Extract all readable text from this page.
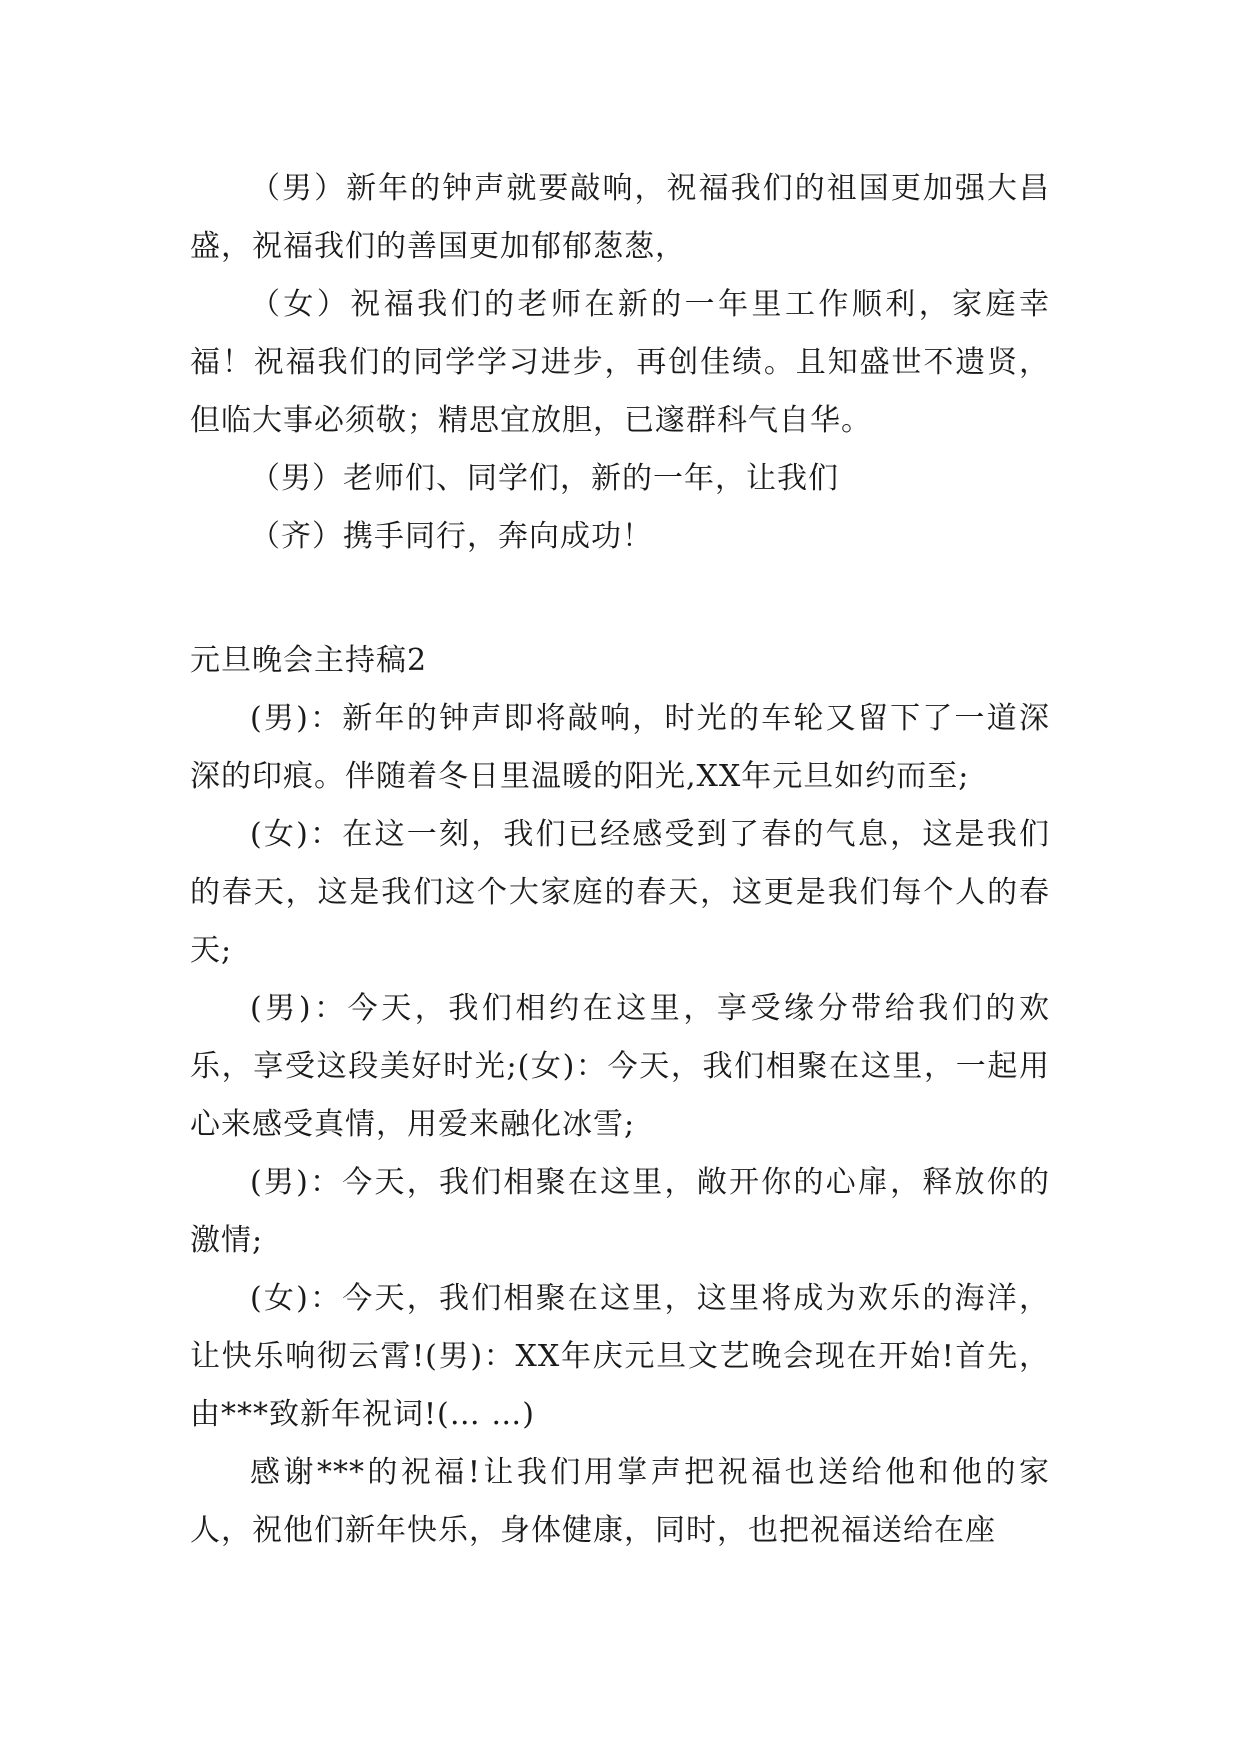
（男）新年的钟声就要敲响，祝福我们的祖国更加强大昌盛，祝福我们的善国更加郁郁葱葱，

（女）祝福我们的老师在新的一年里工作顺利，家庭幸福！祝福我们的同学学习进步，再创佳绩。且知盛世不遗贤，但临大事必须敬；精思宜放胆，已邃群科气自华。

（男）老师们、同学们，新的一年，让我们

（齐）携手同行，奔向成功！

元旦晚会主持稿2

(男)：新年的钟声即将敲响，时光的车轮又留下了一道深深的印痕。伴随着冬日里温暖的阳光,XX年元旦如约而至;

(女)：在这一刻，我们已经感受到了春的气息，这是我们的春天，这是我们这个大家庭的春天，这更是我们每个人的春天;

(男)：今天，我们相约在这里，享受缘分带给我们的欢乐，享受这段美好时光;(女)：今天，我们相聚在这里，一起用心来感受真情，用爱来融化冰雪;

(男)：今天，我们相聚在这里，敞开你的心扉，释放你的激情;

(女)：今天，我们相聚在这里，这里将成为欢乐的海洋，让快乐响彻云霄!(男)：XX年庆元旦文艺晚会现在开始!首先，由***致新年祝词!(… …)

感谢***的祝福!让我们用掌声把祝福也送给他和他的家人，祝他们新年快乐，身体健康，同时，也把祝福送给在座
